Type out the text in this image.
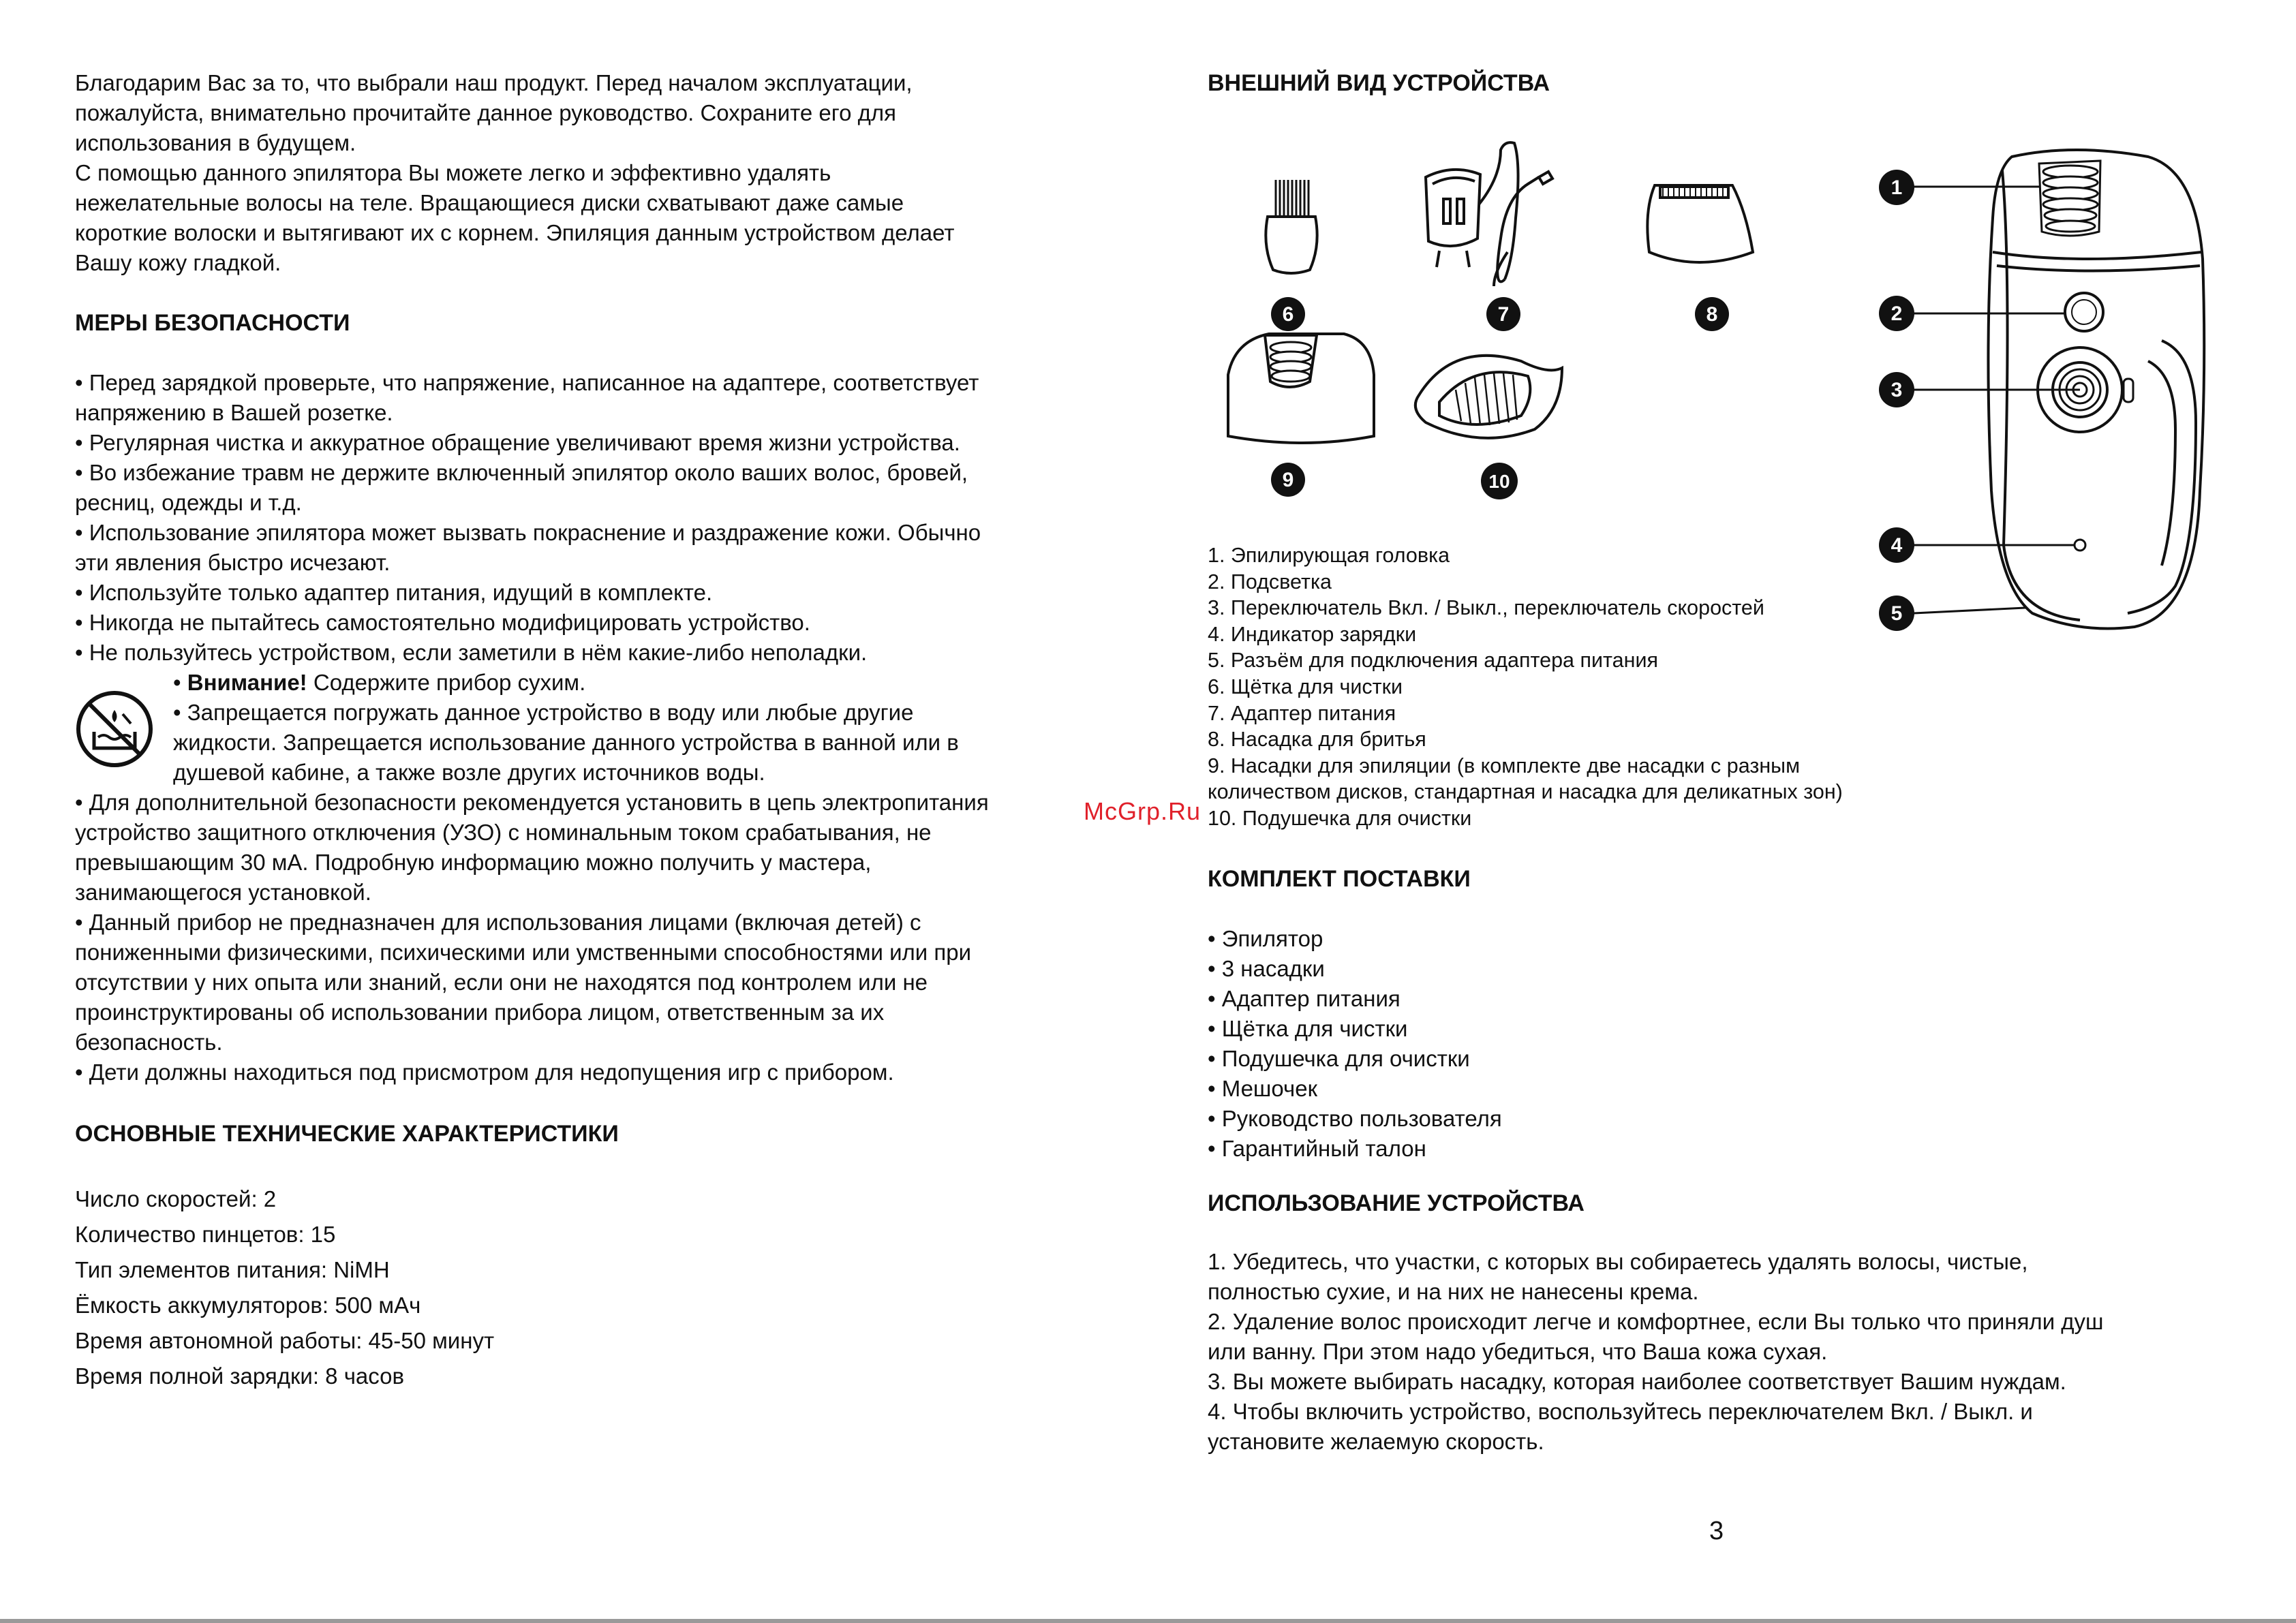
Благодарим Вас за то, что выбрали наш продукт. Перед началом эксплуатации,

пожалуйста, внимательно прочитайте данное руководство. Сохраните его для

использования в будущем.

С помощью данного эпилятора Вы можете легко и эффективно удалять

нежелательные волосы на теле. Вращающиеся диски схватывают даже самые

короткие волоски и вытягивают их с корнем. Эпиляция данным устройством делает

Вашу кожу гладкой.

МЕРЫ БЕЗОПАСНОСТИ

• Перед зарядкой проверьте, что напряжение, написанное на адаптере, соответствует

напряжению в Вашей розетке.

• Регулярная чистка и аккуратное обращение увеличивают время жизни устройства.

• Во избежание травм не держите включенный эпилятор около ваших волос, бровей,

ресниц, одежды и т.д.

• Использование эпилятора может вызвать покраснение и раздражение кожи. Обычно

эти явления быстро исчезают.

• Используйте только адаптер питания, идущий в комплекте.

• Никогда не пытайтесь самостоятельно модифицировать устройство.

• Не пользуйтесь устройством, если заметили в нём какие-либо неполадки.

• Внимание! Содержите прибор сухим.

• Запрещается погружать данное устройство в воду или любые другие

жидкости. Запрещается использование данного устройства в ванной или в

душевой кабине, а также возле других источников воды.

• Для дополнительной безопасности рекомендуется установить в цепь электропитания

устройство защитного отключения (УЗО) с номинальным током срабатывания, не

превышающим 30 мА. Подробную информацию можно получить у мастера,

занимающегося установкой.

• Данный прибор не предназначен для использования лицами (включая детей) с

пониженными физическими, психическими или умственными способностями или при

отсутствии у них опыта или знаний, если они не находятся под контролем или не

проинструктированы об использовании прибора лицом, ответственным за их

безопасность.

• Дети должны находиться под присмотром для недопущения игр с прибором.

ОСНОВНЫЕ ТЕХНИЧЕСКИЕ ХАРАКТЕРИСТИКИ
Число скоростей: 2
Количество пинцетов: 15
Тип элементов питания: NiMH
Ёмкость аккумуляторов: 500 мАч
Время автономной работы: 45-50 минут
Время полной зарядки: 8 часов
McGrp.Ru
ВНЕШНИЙ ВИД УСТРОЙСТВА
6	7	8
9	10
1
2
3
4
5

1. Эпилирующая головка

2. Подсветка

3. Переключатель Вкл. / Выкл., переключатель скоростей

4. Индикатор зарядки

5. Разъём для подключения адаптера питания

6. Щётка для чистки

7. Адаптер питания

8. Насадка для бритья

9. Насадки для эпиляции (в комплекте две насадки с разным

количеством дисков, стандартная и насадка для деликатных зон)

10. Подушечка для очистки

КОМПЛЕКТ ПОСТАВКИ

• Эпилятор

• 3 насадки

• Адаптер питания

• Щётка для чистки

• Подушечка для очистки

• Мешочек

• Руководство пользователя

• Гарантийный талон

ИСПОЛЬЗОВАНИЕ УСТРОЙСТВА

1. Убедитесь, что участки, с которых вы собираетесь удалять волосы, чистые,

полностью сухие, и на них не нанесены крема.

2. Удаление волос происходит легче и комфортнее, если Вы только что приняли душ

или ванну. При этом надо убедиться, что Ваша кожа сухая.

3. Вы можете выбирать насадку, которая наиболее соответствует Вашим нуждам.

4. Чтобы включить устройство, воспользуйтесь переключателем Вкл. / Выкл. и

установите желаемую скорость.

3
